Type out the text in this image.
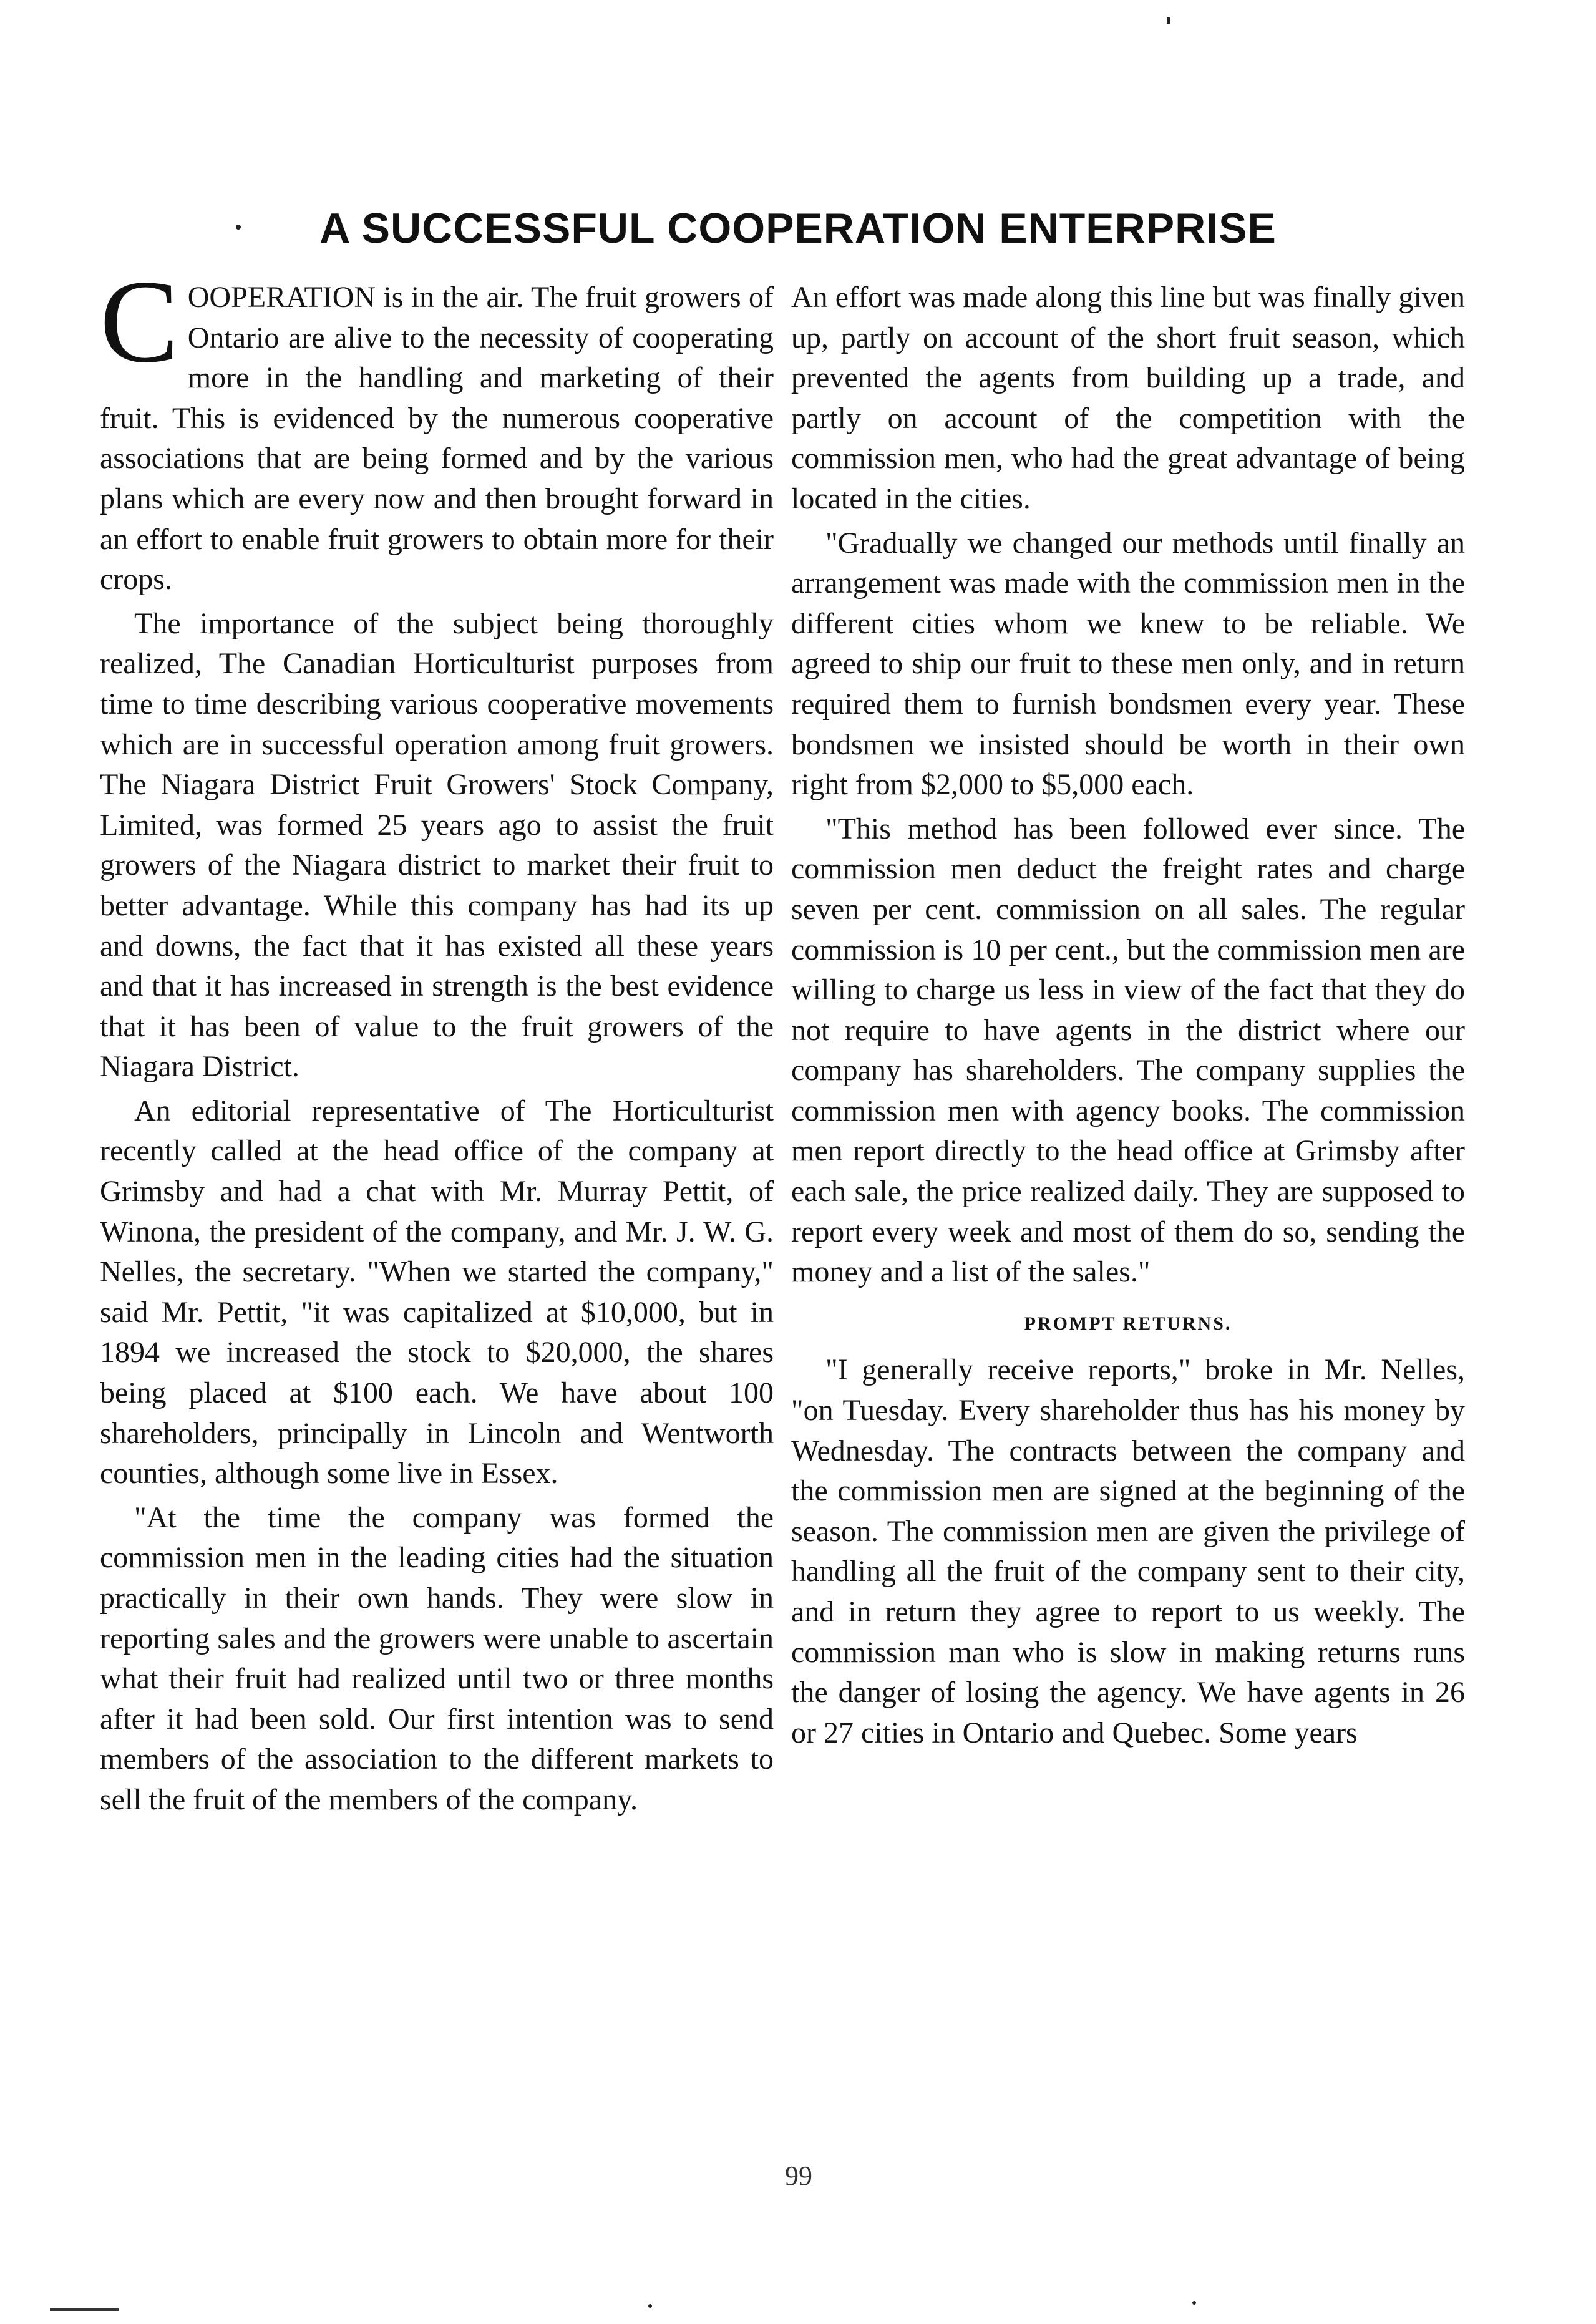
A SUCCESSFUL COOPERATION ENTERPRISE

COOPERATION is in the air. The fruit growers of Ontario are alive to the necessity of cooperating more in the handling and marketing of their fruit. This is evidenced by the numerous cooperative associations that are being formed and by the various plans which are every now and then brought forward in an effort to enable fruit growers to obtain more for their crops.

The importance of the subject being thoroughly realized, The Canadian Horticulturist purposes from time to time describing various cooperative movements which are in successful operation among fruit growers. The Niagara District Fruit Growers' Stock Company, Limited, was formed 25 years ago to assist the fruit growers of the Niagara district to market their fruit to better advantage. While this company has had its up and downs, the fact that it has existed all these years and that it has increased in strength is the best evidence that it has been of value to the fruit growers of the Niagara District.

An editorial representative of The Horticulturist recently called at the head office of the company at Grimsby and had a chat with Mr. Murray Pettit, of Winona, the president of the company, and Mr. J. W. G. Nelles, the secretary. "When we started the company," said Mr. Pettit, "it was capitalized at $10,000, but in 1894 we increased the stock to $20,000, the shares being placed at $100 each. We have about 100 shareholders, principally in Lincoln and Wentworth counties, although some live in Essex.

"At the time the company was formed the commission men in the leading cities had the situation practically in their own hands. They were slow in reporting sales and the growers were unable to ascertain what their fruit had realized until two or three months after it had been sold. Our first intention was to send members of the association to the different markets to sell the fruit of the members of the company.

An effort was made along this line but was finally given up, partly on account of the short fruit season, which prevented the agents from building up a trade, and partly on account of the competition with the commission men, who had the great advantage of being located in the cities.

"Gradually we changed our methods until finally an arrangement was made with the commission men in the different cities whom we knew to be reliable. We agreed to ship our fruit to these men only, and in return required them to furnish bondsmen every year. These bondsmen we insisted should be worth in their own right from $2,000 to $5,000 each.

"This method has been followed ever since. The commission men deduct the freight rates and charge seven per cent. commission on all sales. The regular commission is 10 per cent., but the commission men are willing to charge us less in view of the fact that they do not require to have agents in the district where our company has shareholders. The company supplies the commission men with agency books. The commission men report directly to the head office at Grimsby after each sale, the price realized daily. They are supposed to report every week and most of them do so, sending the money and a list of the sales."

PROMPT RETURNS.

"I generally receive reports," broke in Mr. Nelles, "on Tuesday. Every shareholder thus has his money by Wednesday. The contracts between the company and the commission men are signed at the beginning of the season. The commission men are given the privilege of handling all the fruit of the company sent to their city, and in return they agree to report to us weekly. The commission man who is slow in making returns runs the danger of losing the agency. We have agents in 26 or 27 cities in Ontario and Quebec. Some years

99
